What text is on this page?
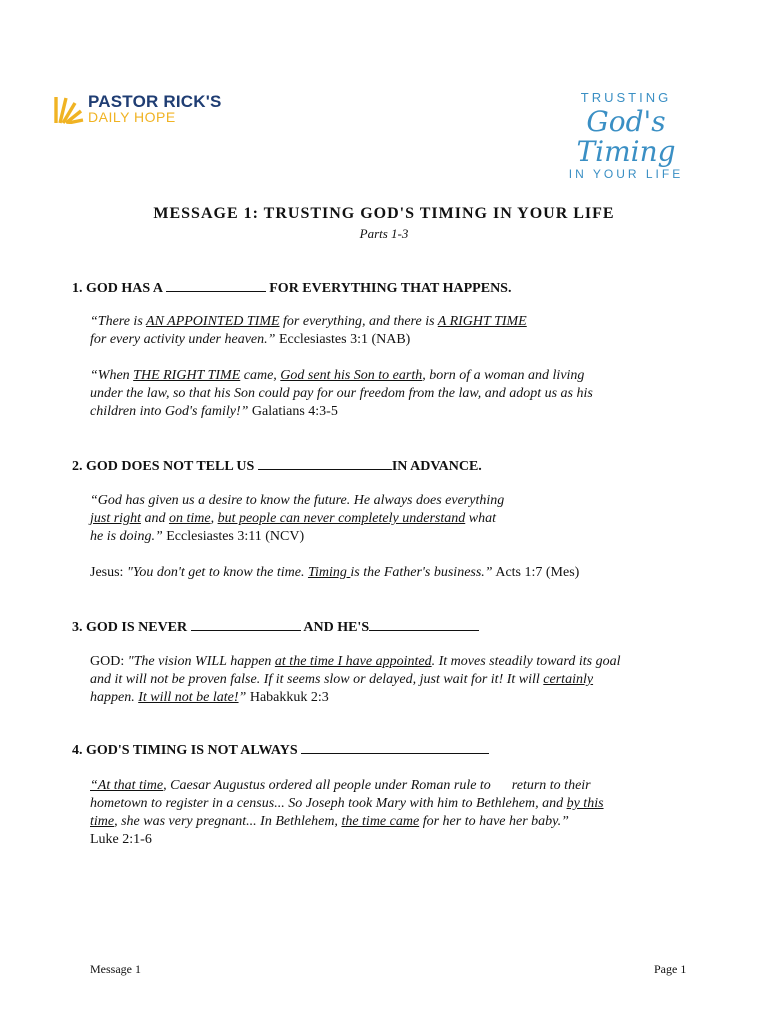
PASTOR RICK'S
DAILY HOPE
TRUSTING
God's Timing
IN YOUR LIFE
MESSAGE 1: TRUSTING GOD'S TIMING IN YOUR LIFE
Parts 1-3
1. GOD HAS A	FOR EVERYTHING THAT HAPPENS.
“There is AN APPOINTED TIME for everything, and there is A RIGHT TIME
for every activity under heaven.” Ecclesiastes 3:1 (NAB)
“When THE RIGHT TIME came, God sent his Son to earth, born of a woman and living
under the law, so that his Son could pay for our freedom from the law, and adopt us as his
children into God's family!” Galatians 4:3-5
2. GOD DOES NOT TELL US	IN ADVANCE.
“God has given us a desire to know the future. He always does everything
just right and on time, but people can never completely understand what
he is doing.” Ecclesiastes 3:11 (NCV)
Jesus: "You don't get to know the time. Timing is the Father's business.” Acts 1:7 (Mes)
3. GOD IS NEVER	AND HE'S
GOD: "The vision WILL happen at the time I have appointed. It moves steadily toward its goal
and it will not be proven false. If it seems slow or delayed, just wait for it! It will certainly
happen. It will not be late!” Habakkuk 2:3
4. GOD'S TIMING IS NOT ALWAYS
“At that time, Caesar Augustus ordered all people under Roman rule to      return to their
hometown to register in a census... So Joseph took Mary with him to Bethlehem, and by this
time, she was very pregnant... In Bethlehem, the time came for her to have her baby.”
Luke 2:1-6
Message 1	Page 1
